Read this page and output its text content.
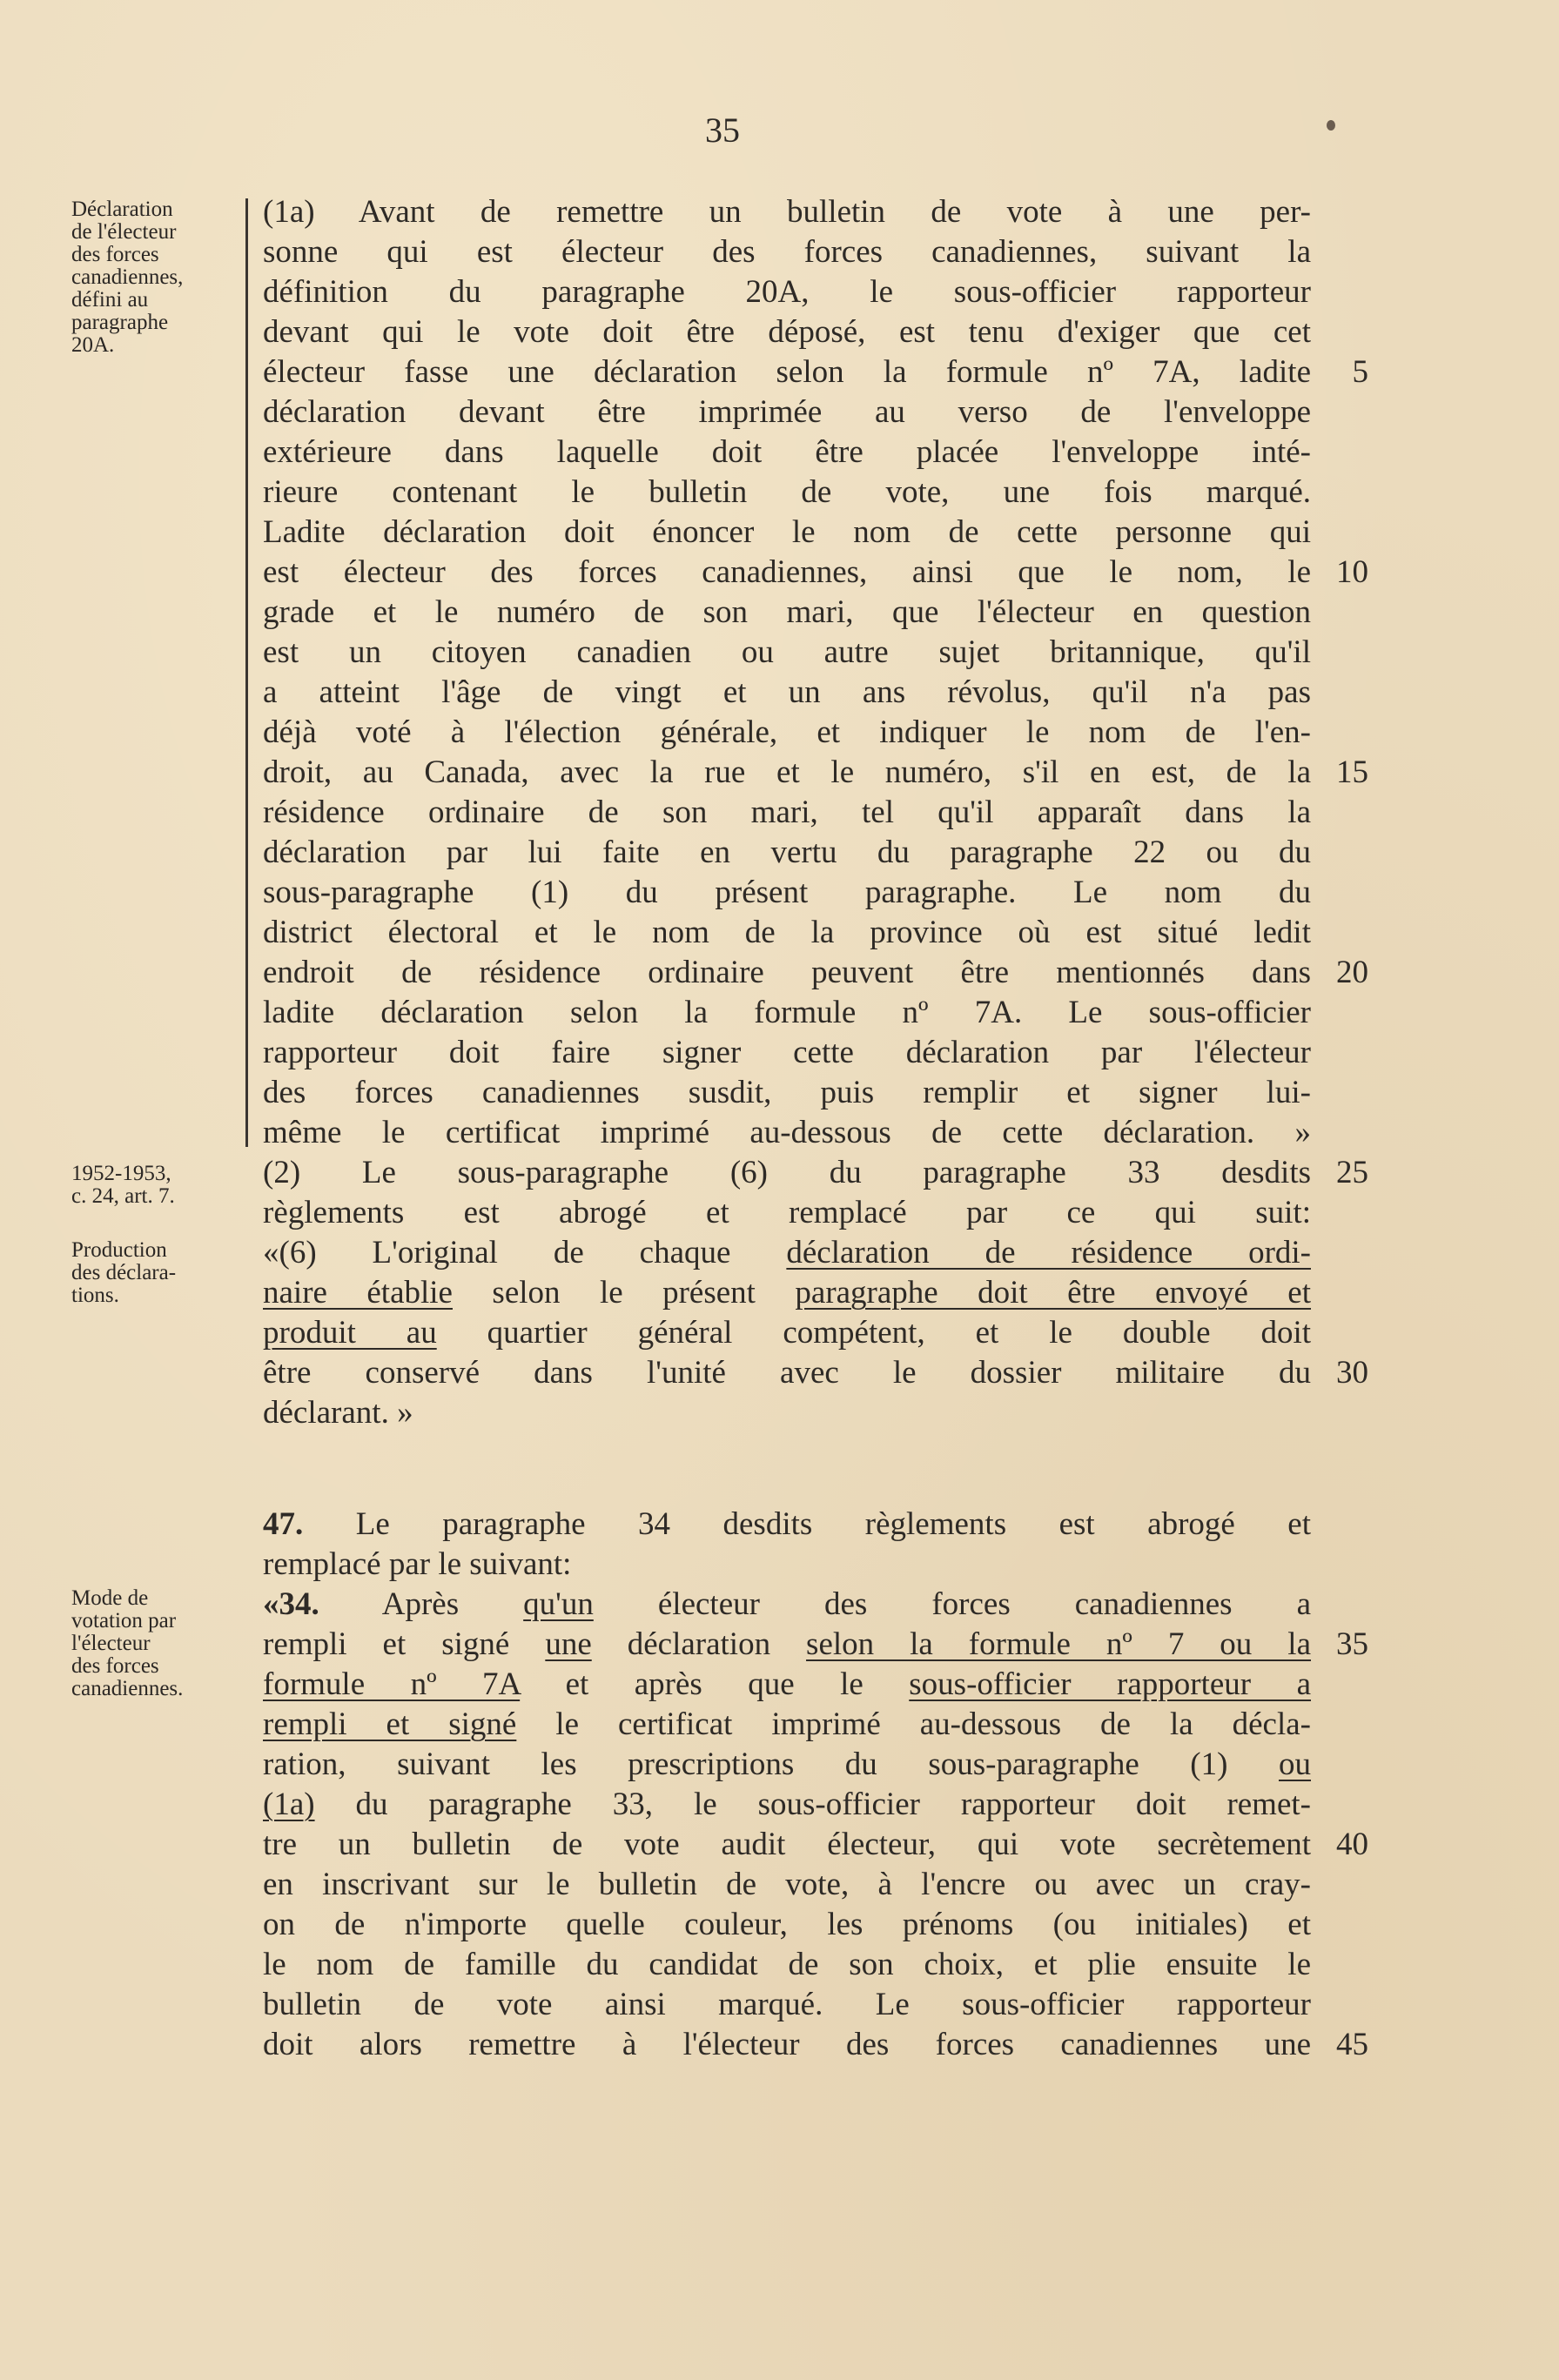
35
Déclaration
de l'électeur
des forces
canadiennes,
défini au
paragraphe
20A.
1952-1953,
c. 24, art. 7.
Production
des déclara-
tions.
Mode de
votation par
l'électeur
des forces
canadiennes.
(1a) Avant de remettre un bulletin de vote à une per-
sonne qui est électeur des forces canadiennes, suivant la
définition du paragraphe 20A, le sous-officier rapporteur
devant qui le vote doit être déposé, est tenu d'exiger que cet
électeur fasse une déclaration selon la formule nº 7A, ladite
déclaration devant être imprimée au verso de l'enveloppe
extérieure dans laquelle doit être placée l'enveloppe inté-
rieure contenant le bulletin de vote, une fois marqué.
Ladite déclaration doit énoncer le nom de cette personne qui
est électeur des forces canadiennes, ainsi que le nom, le
grade et le numéro de son mari, que l'électeur en question
est un citoyen canadien ou autre sujet britannique, qu'il
a atteint l'âge de vingt et un ans révolus, qu'il n'a pas
déjà voté à l'élection générale, et indiquer le nom de l'en-
droit, au Canada, avec la rue et le numéro, s'il en est, de la
résidence ordinaire de son mari, tel qu'il apparaît dans la
déclaration par lui faite en vertu du paragraphe 22 ou du
sous-paragraphe (1) du présent paragraphe. Le nom du
district électoral et le nom de la province où est situé ledit
endroit de résidence ordinaire peuvent être mentionnés dans
ladite déclaration selon la formule nº 7A. Le sous-officier
rapporteur doit faire signer cette déclaration par l'électeur
des forces canadiennes susdit, puis remplir et signer lui-
même le certificat imprimé au-dessous de cette déclaration. »
(2) Le sous-paragraphe (6) du paragraphe 33 desdits
règlements est abrogé et remplacé par ce qui suit:
«(6) L'original de chaque déclaration de résidence ordi-
naire établie selon le présent paragraphe doit être envoyé et
produit au quartier général compétent, et le double doit
être conservé dans l'unité avec le dossier militaire du
déclarant. »
47. Le paragraphe 34 desdits règlements est abrogé et
remplacé par le suivant:
«34. Après qu'un électeur des forces canadiennes a
rempli et signé une déclaration selon la formule nº 7 ou la
formule nº 7A et après que le sous-officier rapporteur a
rempli et signé le certificat imprimé au-dessous de la décla-
ration, suivant les prescriptions du sous-paragraphe (1) ou
(1a) du paragraphe 33, le sous-officier rapporteur doit remet-
tre un bulletin de vote audit électeur, qui vote secrètement
en inscrivant sur le bulletin de vote, à l'encre ou avec un cray-
on de n'importe quelle couleur, les prénoms (ou initiales) et
le nom de famille du candidat de son choix, et plie ensuite le
bulletin de vote ainsi marqué. Le sous-officier rapporteur
doit alors remettre à l'électeur des forces canadiennes une
5
10
15
20
25
30
35
40
45
